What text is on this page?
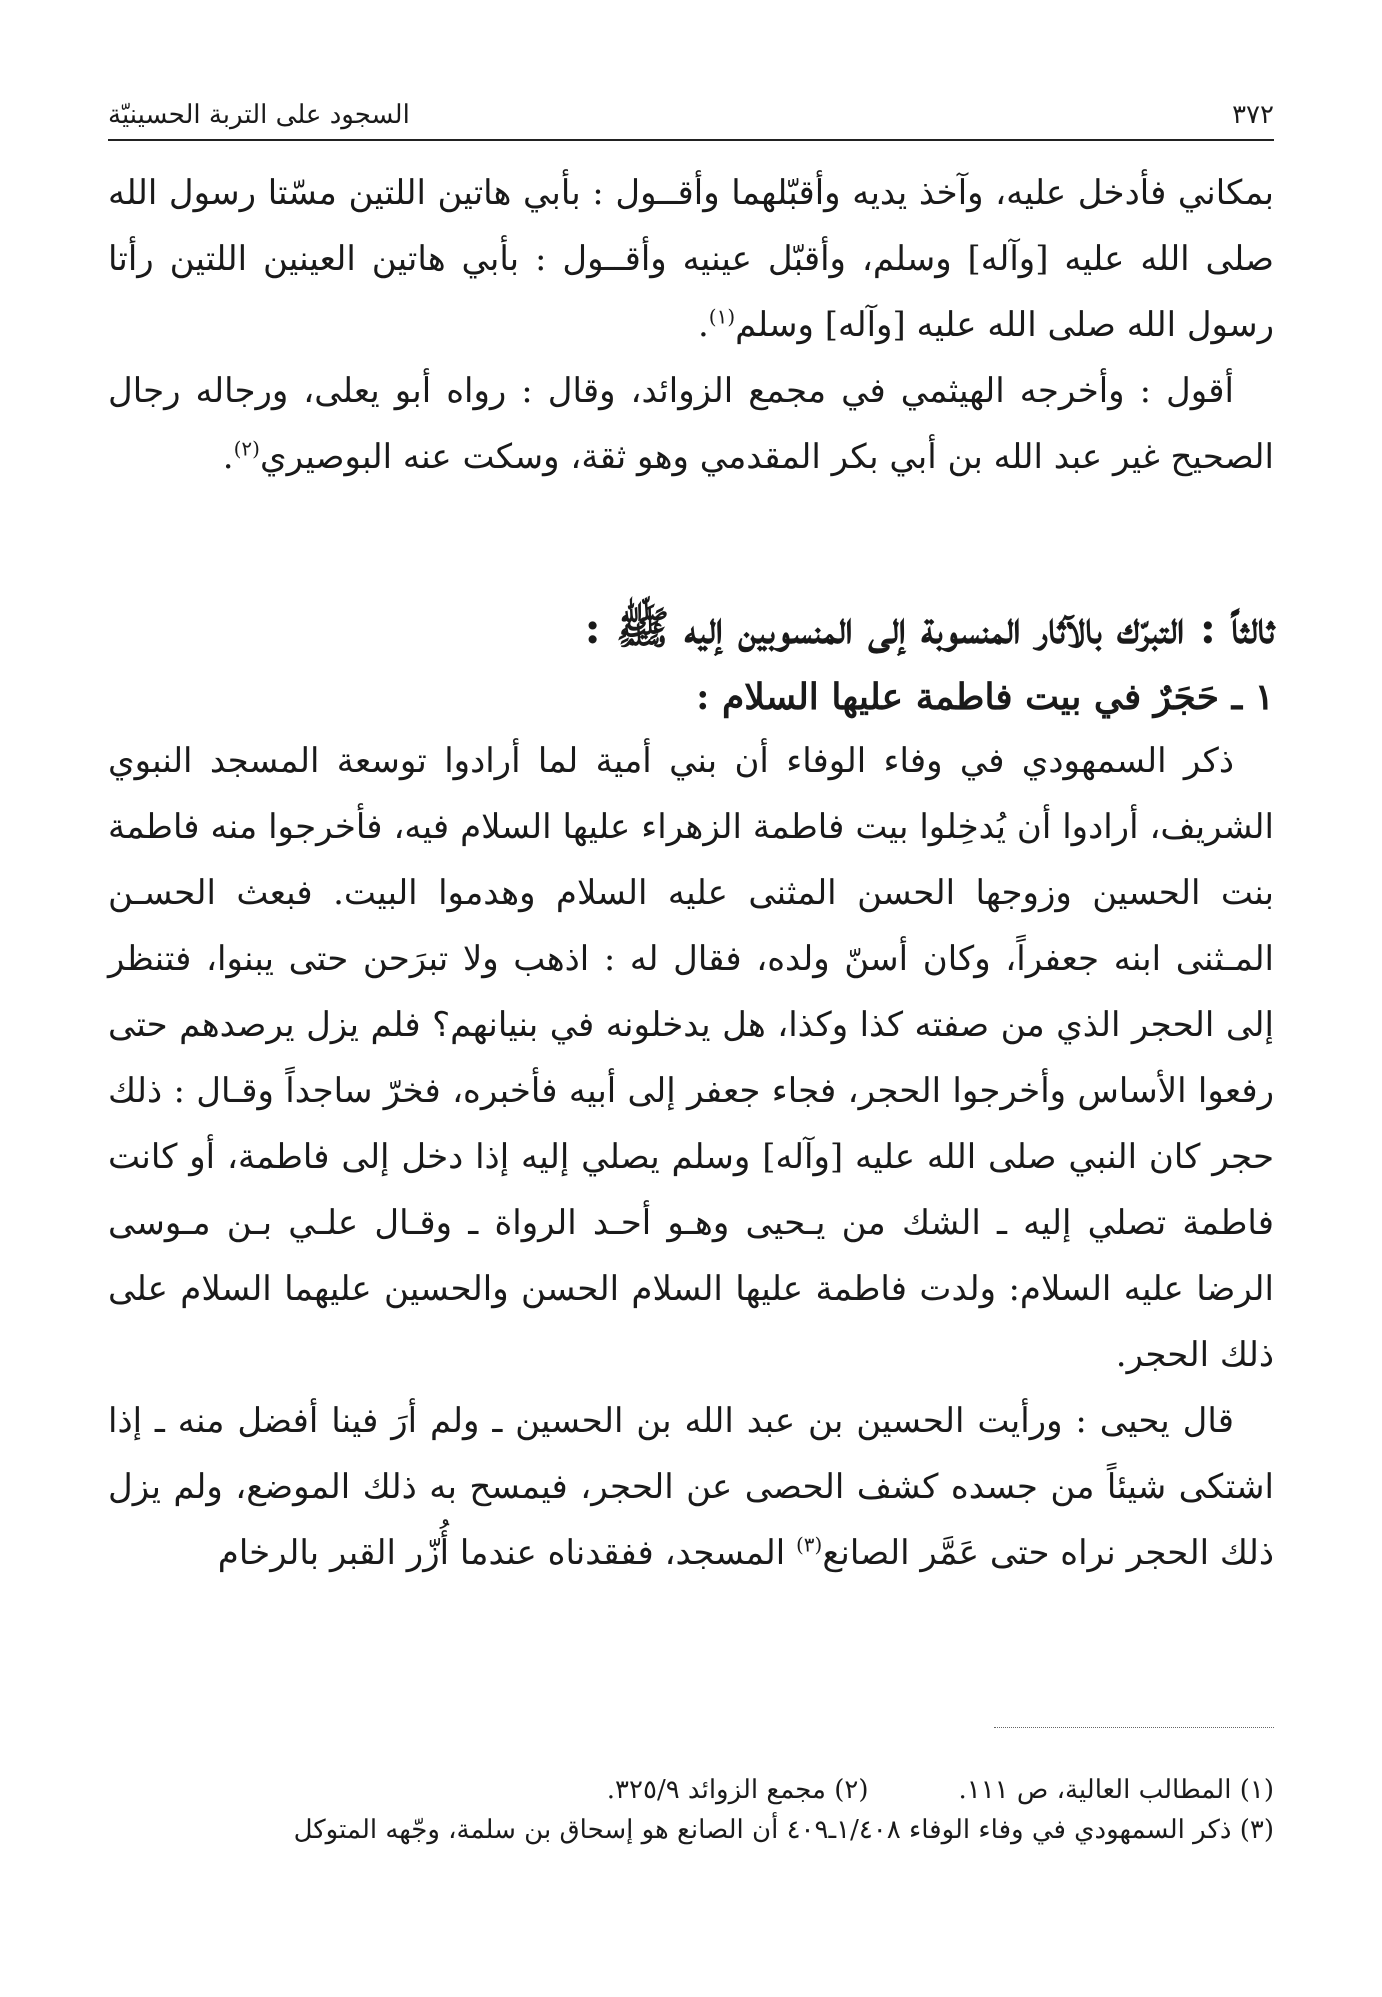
٣٧٢
السجود على التربة الحسينيّة

بمكاني فأدخل عليه، وآخذ يديه وأقبّلهما وأقــول : بأبي هاتين اللتين مسّتا رسول الله صلى الله عليه [وآله] وسلم، وأقبّل عينيه وأقــول : بأبي هاتين العينين اللتين رأتا رسول الله صلى الله عليه [وآله] وسلم$^{(١)}$.

أقول : وأخرجه الهيثمي في مجمع الزوائد، وقال : رواه أبو يعلى، ورجاله رجال الصحيح غير عبد الله بن أبي بكر المقدمي وهو ثقة، وسكت عنه البوصيري$^{(٢)}$.

ثالثاً : التبرّك بالآثار المنسوبة إلى المنسوبين إليه ﷺ :
١ ـ حَجَرٌ في بيت فاطمة عليها السلام :

ذكر السمهودي في وفاء الوفاء أن بني أمية لما أرادوا توسعة المسجد النبوي الشريف، أرادوا أن يُدخِلوا بيت فاطمة الزهراء عليها السلام فيه، فأخرجوا منه فاطمة بنت الحسين وزوجها الحسن المثنى عليه السلام وهدموا البيت. فبعث الحسـن المـثنى ابنه جعفراً، وكان أسنّ ولده، فقال له : اذهب ولا تبرَحن حتى يبنوا، فتنظر إلى الحجر الذي من صفته كذا وكذا، هل يدخلونه في بنيانهم؟ فلم يزل يرصدهم حتى رفعوا الأساس وأخرجوا الحجر، فجاء جعفر إلى أبيه فأخبره، فخرّ ساجداً وقـال : ذلك حجر كان النبي صلى الله عليه [وآله] وسلم يصلي إليه إذا دخل إلى فاطمة، أو كانت فاطمة تصلي إليه ـ الشك من يـحيى وهـو أحـد الرواة ـ وقـال علـي بـن مـوسى الرضا عليه السلام: ولدت فاطمة عليها السلام الحسن والحسين عليهما السلام على ذلك الحجر.

قال يحيى : ورأيت الحسين بن عبد الله بن الحسين ـ ولم أرَ فينا أفضل منه ـ إذا اشتكى شيئاً من جسده كشف الحصى عن الحجر، فيمسح به ذلك الموضع، ولم يزل ذلك الحجر نراه حتى عَمَّر الصانع$^{(٣)}$ المسجد، ففقدناه عندما أُزّر القبر بالرخام

(١) المطالب العالية، ص ١١١.
(٢) مجمع الزوائد ٣٢٥/٩.
(٣) ذكر السمهودي في وفاء الوفاء ١/٤٠٨ـ٤٠٩ أن الصانع هو إسحاق بن سلمة، وجّهه المتوكل
